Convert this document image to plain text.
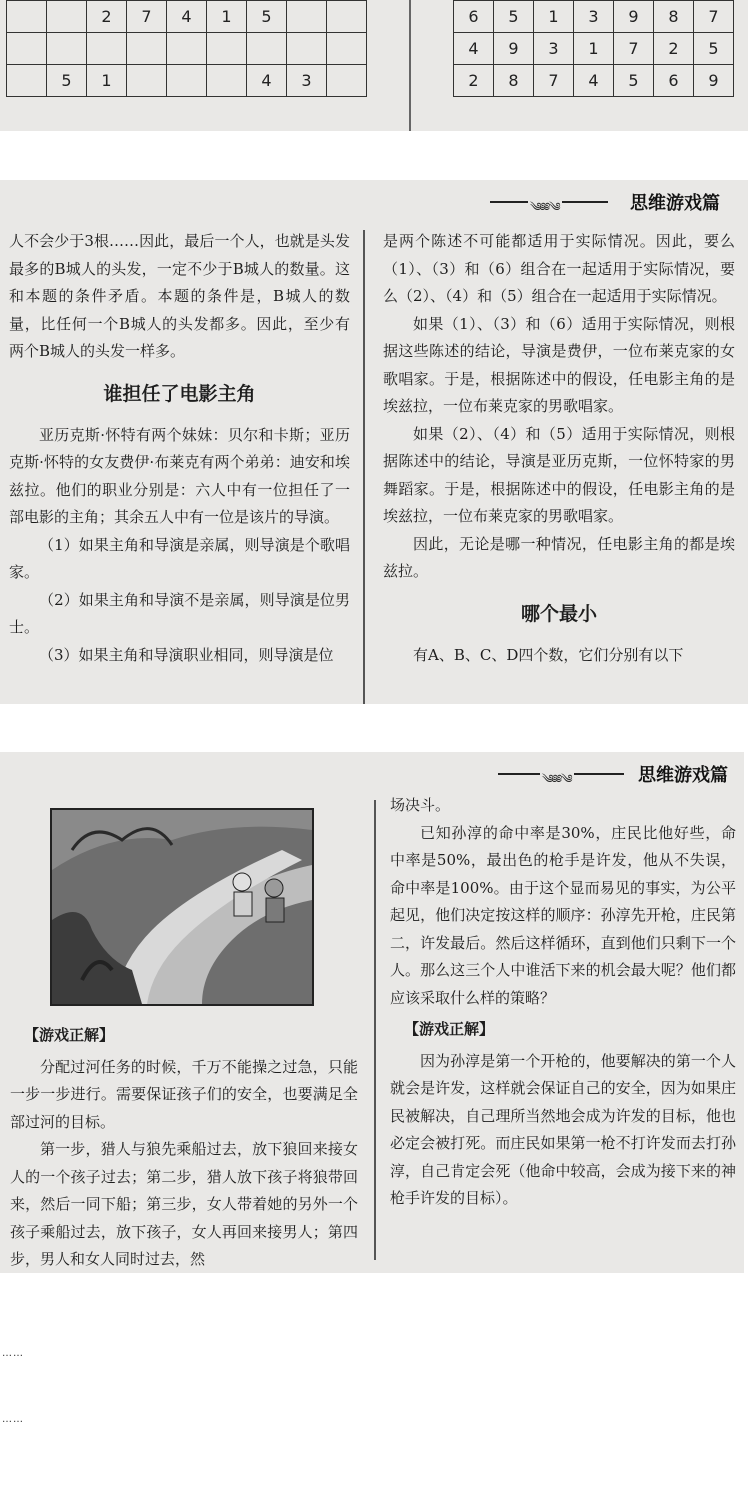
		2	7	4	1	5		

	5	1				4	3	
6	5	1	3	9	8	7
4	9	3	1	7	2	5
2	8	7	4	5	6	9
༄༅༅༄	思维游戏篇

人不会少于3根……因此，最后一个人，也就是头发最多的B城人的头发，一定不少于B城人的数量。这和本题的条件矛盾。本题的条件是，B城人的数量，比任何一个B城人的头发都多。因此，至少有两个B城人的头发一样多。

谁担任了电影主角

亚历克斯·怀特有两个妹妹：贝尔和卡斯；亚历克斯·怀特的女友费伊·布莱克有两个弟弟：迪安和埃兹拉。他们的职业分别是：六人中有一位担任了一部电影的主角；其余五人中有一位是该片的导演。

（1）如果主角和导演是亲属，则导演是个歌唱家。

（2）如果主角和导演不是亲属，则导演是位男士。

（3）如果主角和导演职业相同，则导演是位

是两个陈述不可能都适用于实际情况。因此，要么（1）、（3）和（6）组合在一起适用于实际情况，要么（2）、（4）和（5）组合在一起适用于实际情况。

如果（1）、（3）和（6）适用于实际情况，则根据这些陈述的结论，导演是费伊，一位布莱克家的女歌唱家。于是，根据陈述中的假设，任电影主角的是埃兹拉，一位布莱克家的男歌唱家。

如果（2）、（4）和（5）适用于实际情况，则根据陈述中的结论，导演是亚历克斯，一位怀特家的男舞蹈家。于是，根据陈述中的假设，任电影主角的是埃兹拉，一位布莱克家的男歌唱家。

因此，无论是哪一种情况，任电影主角的都是埃兹拉。

哪个最小

有A、B、C、D四个数，它们分别有以下

༄༅༅༄	思维游戏篇
【游戏正解】

分配过河任务的时候，千万不能操之过急，只能一步一步进行。需要保证孩子们的安全，也要满足全部过河的目标。

第一步，猎人与狼先乘船过去，放下狼回来接女人的一个孩子过去；第二步，猎人放下孩子将狼带回来，然后一同下船；第三步，女人带着她的另外一个孩子乘船过去，放下孩子，女人再回来接男人；第四步，男人和女人同时过去，然

场决斗。

已知孙淳的命中率是30%，庄民比他好些，命中率是50%，最出色的枪手是许发，他从不失误，命中率是100%。由于这个显而易见的事实，为公平起见，他们决定按这样的顺序：孙淳先开枪，庄民第二，许发最后。然后这样循环，直到他们只剩下一个人。那么这三个人中谁活下来的机会最大呢？他们都应该采取什么样的策略？

【游戏正解】

因为孙淳是第一个开枪的，他要解决的第一个人就会是许发，这样就会保证自己的安全，因为如果庄民被解决，自己理所当然地会成为许发的目标，他也必定会被打死。而庄民如果第一枪不打许发而去打孙淳，自己肯定会死（他命中较高，会成为接下来的神枪手许发的目标）。

……
……
